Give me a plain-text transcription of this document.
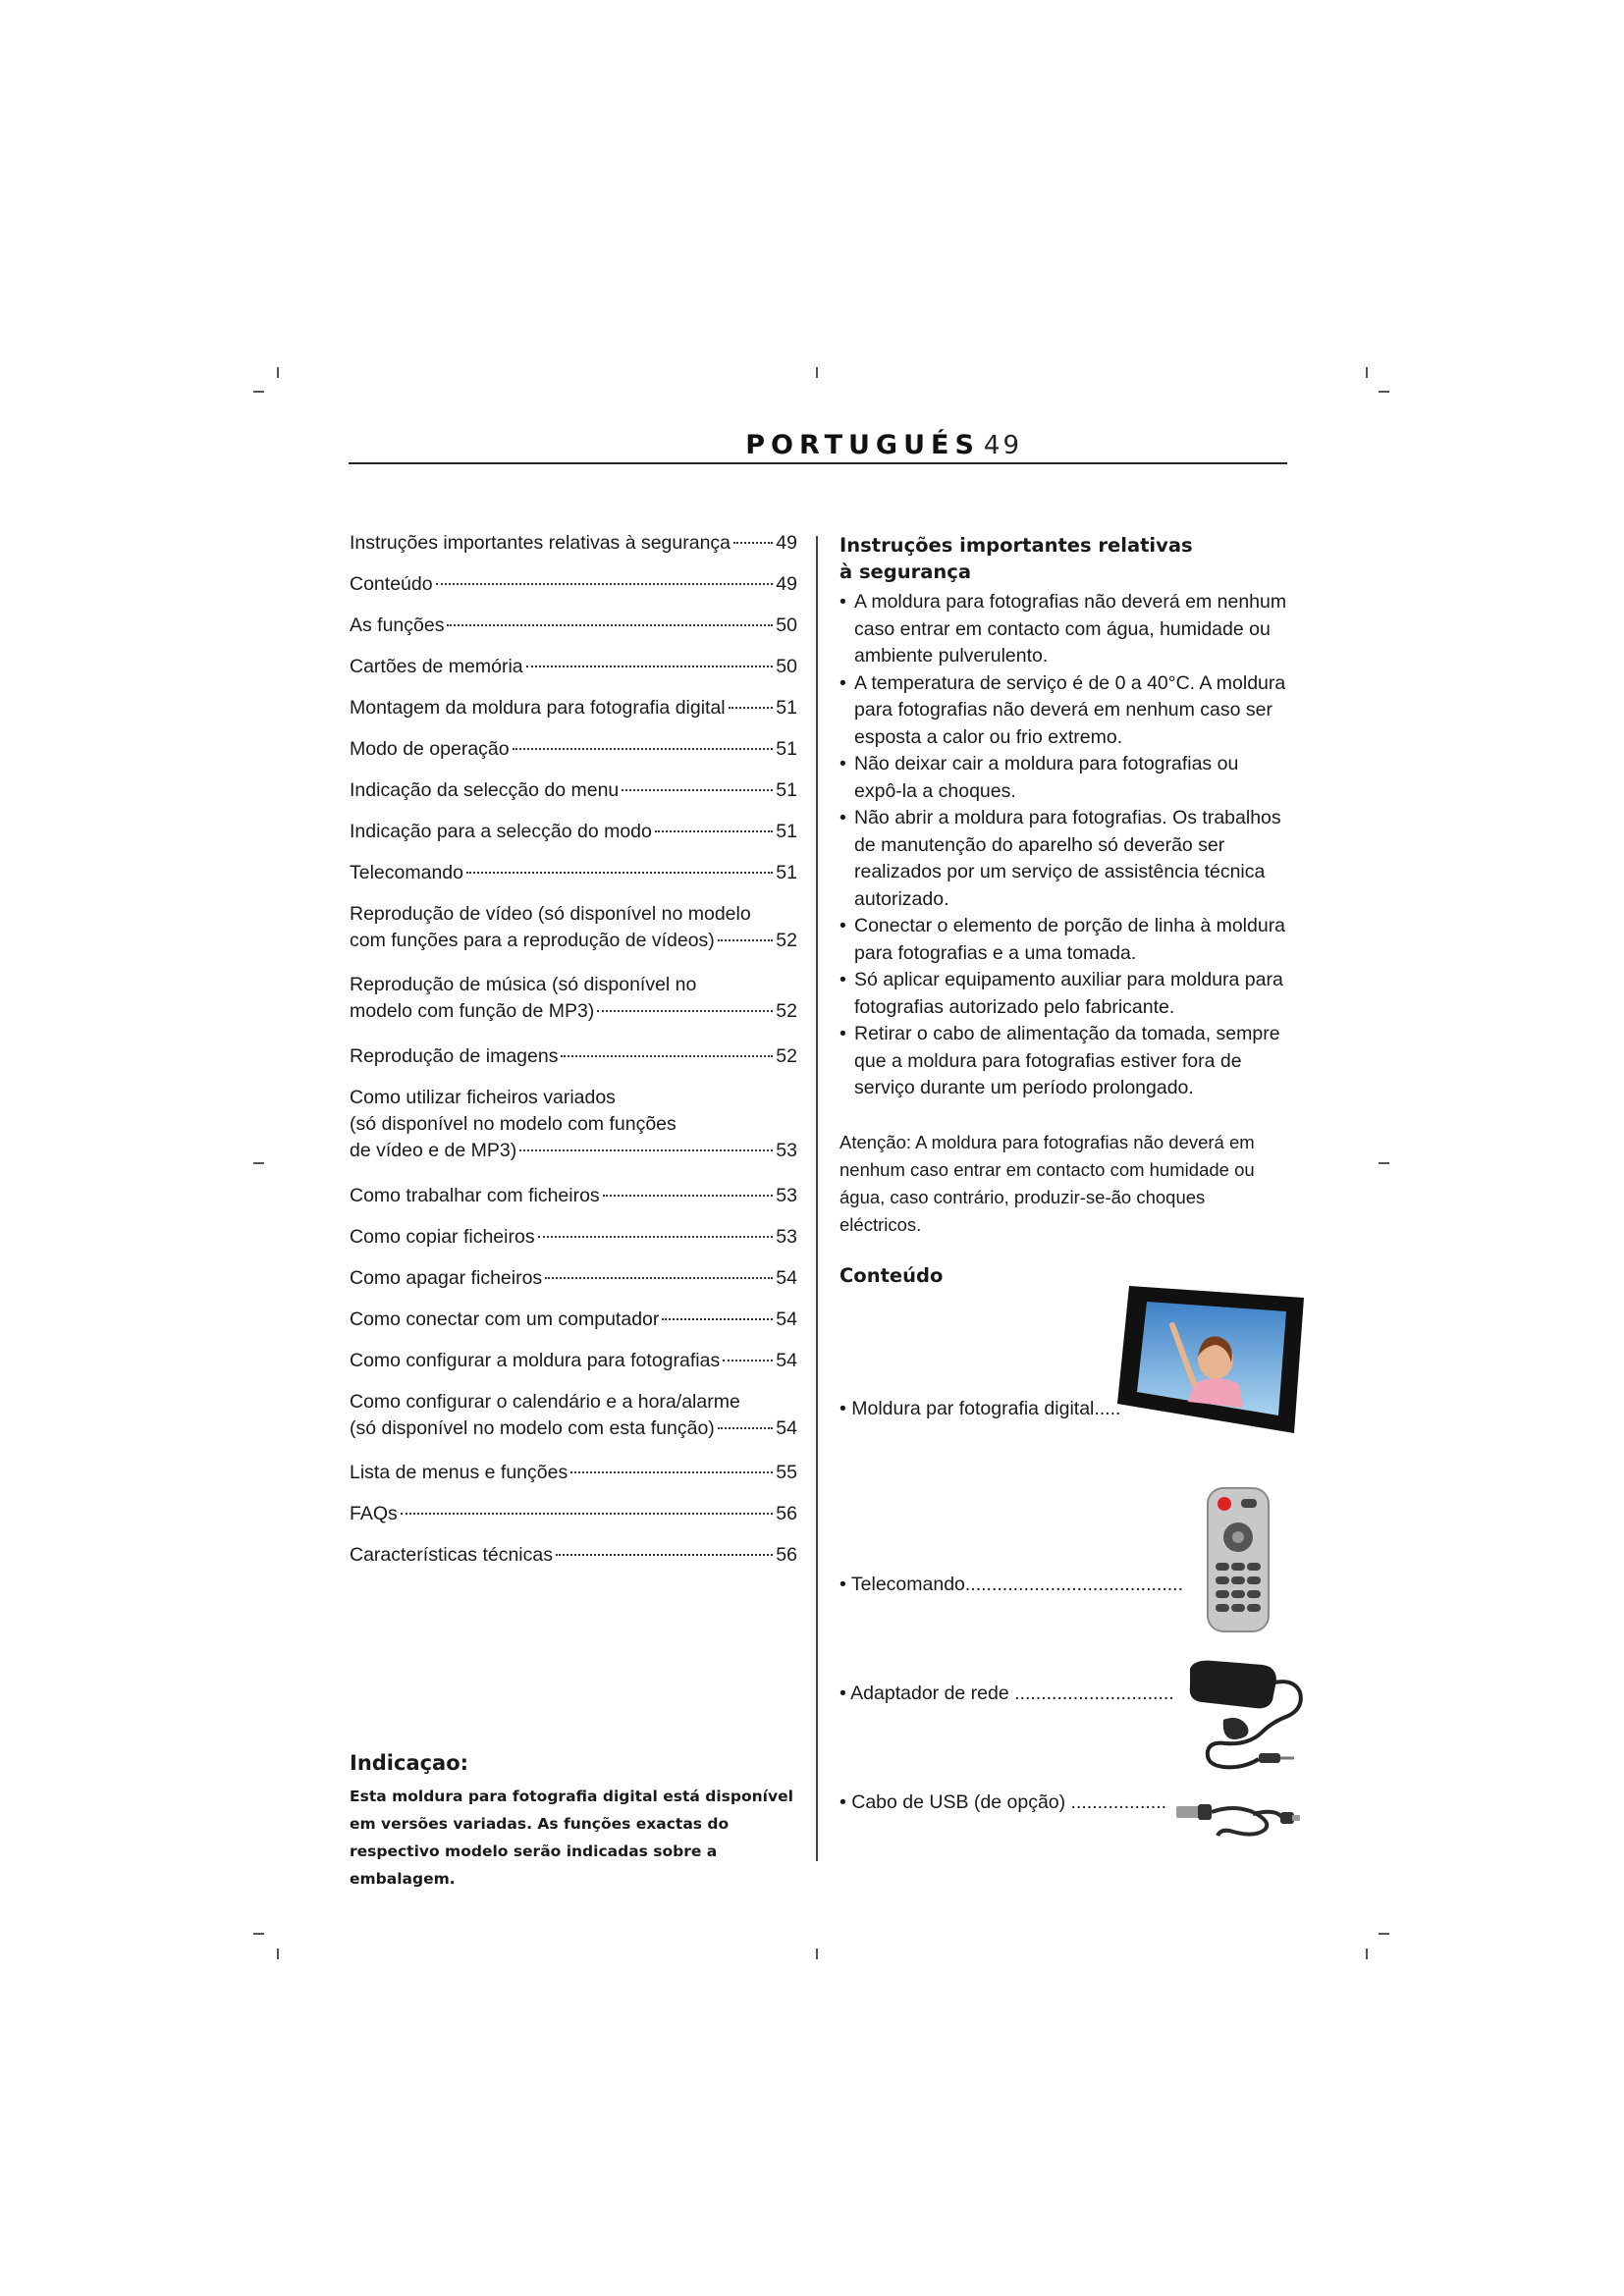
PORTUGUÉS 49
Instruções importantes relativas à segurança 49
Conteúdo	49
As funções	50
Cartões de memória	50
Montagem da moldura para fotografia digital	51
Modo de operação	51
Indicação da selecção do menu	51
Indicação para a selecção do modo	51
Telecomando	51
Reprodução de vídeo (só disponível no modelo
com funções para a reprodução de vídeos)	52
Reprodução de música (só disponível no
modelo com função de MP3)	52
Reprodução de imagens	52
Como utilizar ficheiros variados
(só disponível no modelo com funções
de vídeo e de MP3)	53
Como trabalhar com ficheiros	53
Como copiar ficheiros	53
Como apagar ficheiros	54
Como conectar com um computador	54
Como configurar a moldura para fotografias	54
Como configurar o calendário e a hora/alarme
(só disponível no modelo com esta função)	54
Lista de menus e funções	55
FAQs	56
Características técnicas	56
Indicaçao:
Esta moldura para fotografia digital está disponível em versões variadas. As funções exactas do respectivo modelo serão indicadas sobre a embalagem.
Instruções importantes relativas
à segurança
• A moldura para fotografias não deverá em nenhum caso entrar em contacto com água, humidade ou ambiente pulverulento.
• A temperatura de serviço é de 0 a 40°C. A moldura para fotografias não deverá em nenhum caso ser esposta a calor ou frio extremo.
• Não deixar cair a moldura para fotografias ou expô-la a choques.
• Não abrir a moldura para fotografias. Os trabalhos de manutenção do aparelho só deverão ser realizados por um serviço de assistência técnica autorizado.
• Conectar o elemento de porção de linha à moldura para fotografias e a uma tomada.
• Só aplicar equipamento auxiliar para moldura para fotografias autorizado pelo fabricante.
• Retirar o cabo de alimentação da tomada, sempre que a moldura para fotografias estiver fora de serviço durante um período prolongado.
Atenção: A moldura para fotografias não deverá em nenhum caso entrar em contacto com humidade ou água, caso contrário, produzir-se-ão choques eléctricos.
Conteúdo
• Moldura par fotografia digital.....
• Telecomando.........................................
• Adaptador de rede ..............................
• Cabo de USB (de opção) ..................
